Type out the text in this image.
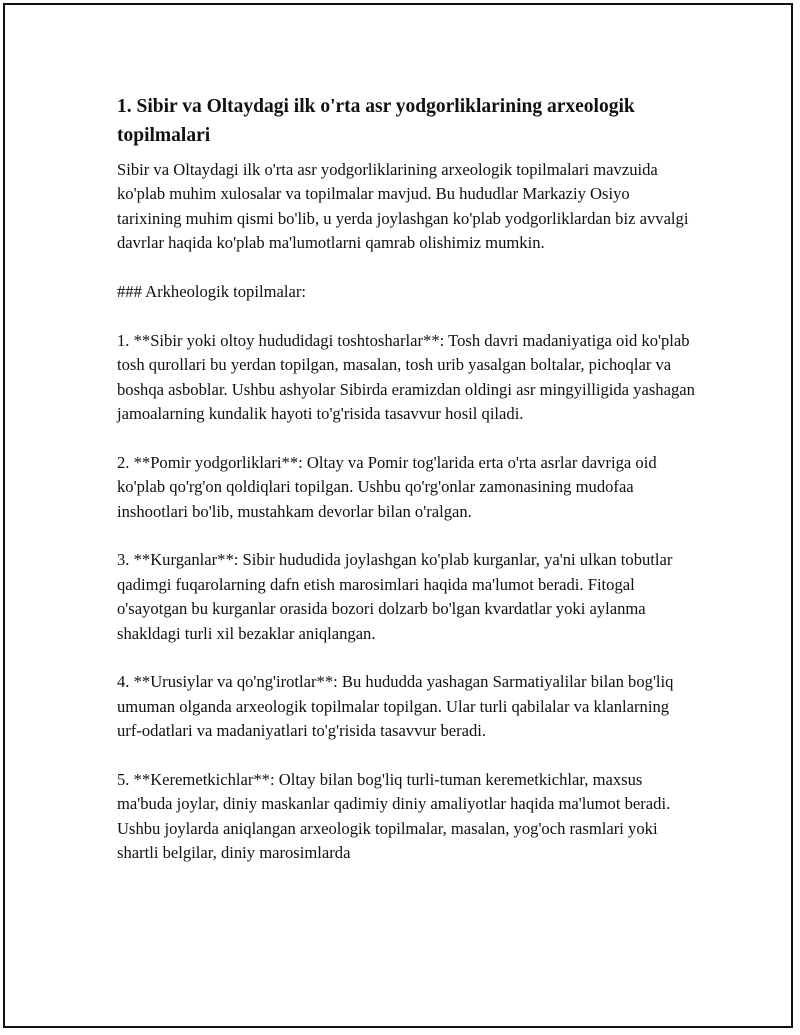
1. Sibir va Oltaydagi ilk o'rta asr yodgorliklarining arxeologik topilmalari

Sibir va Oltaydagi ilk o'rta asr yodgorliklarining arxeologik topilmalari mavzuida ko'plab muhim xulosalar va topilmalar mavjud. Bu hududlar Markaziy Osiyo tarixining muhim qismi bo'lib, u yerda joylashgan ko'plab yodgorliklardan biz avvalgi davrlar haqida ko'plab ma'lumotlarni qamrab olishimiz mumkin.

### Arkheologik topilmalar:

1. **Sibir yoki oltoy hududidagi toshtosharlar**: Tosh davri madaniyatiga oid ko'plab tosh qurollari bu yerdan topilgan, masalan, tosh urib yasalgan boltalar, pichoqlar va boshqa asboblar. Ushbu ashyolar Sibirda eramizdan oldingi asr mingyilligida yashagan jamoalarning kundalik hayoti to'g'risida tasavvur hosil qiladi.

2. **Pomir yodgorliklari**: Oltay va Pomir tog'larida erta o'rta asrlar davriga oid ko'plab qo'rg'on qoldiqlari topilgan. Ushbu qo'rg'onlar zamonasining mudofaa inshootlari bo'lib, mustahkam devorlar bilan o'ralgan.

3. **Kurganlar**: Sibir hududida joylashgan ko'plab kurganlar, ya'ni ulkan tobutlar qadimgi fuqarolarning dafn etish marosimlari haqida ma'lumot beradi. Fitogal o'sayotgan bu kurganlar orasida bozori dolzarb bo'lgan kvardatlar yoki aylanma shakldagi turli xil bezaklar aniqlangan.

4. **Urusiylar va qo'ng'irotlar**: Bu hududda yashagan Sarmatiyalilar bilan bog'liq umuman olganda arxeologik topilmalar topilgan. Ular turli qabilalar va klanlarning urf-odatlari va madaniyatlari to'g'risida tasavvur beradi.

5. **Keremetkichlar**: Oltay bilan bog'liq turli-tuman keremetkichlar, maxsus ma'buda joylar, diniy maskanlar qadimiy diniy amaliyotlar haqida ma'lumot beradi. Ushbu joylarda aniqlangan arxeologik topilmalar, masalan, yog'och rasmlari yoki shartli belgilar, diniy marosimlarda
